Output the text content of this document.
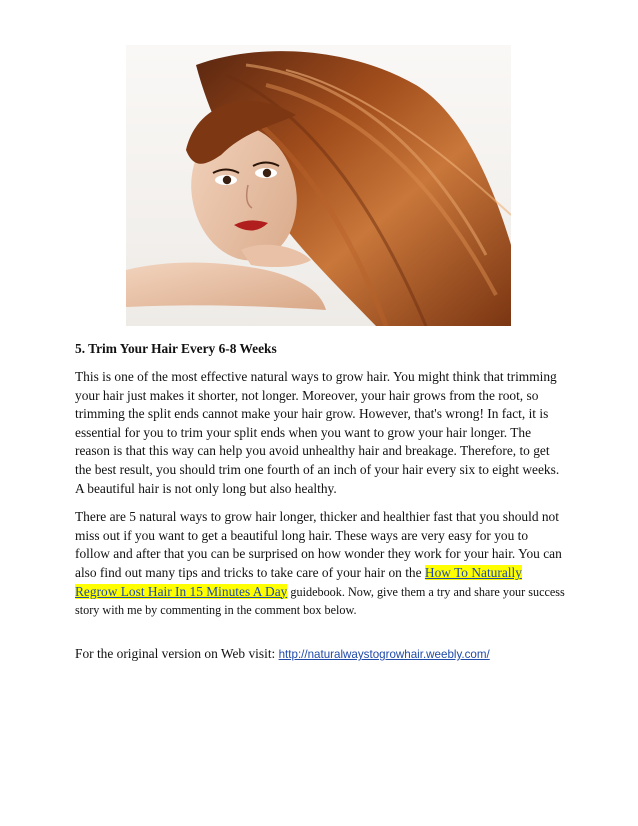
5. Trim Your Hair Every 6-8 Weeks

This is one of the most effective natural ways to grow hair. You might think that trimming your hair just makes it shorter, not longer. Moreover, your hair grows from the root, so trimming the split ends cannot make your hair grow. However, that's wrong! In fact, it is essential for you to trim your split ends when you want to grow your hair longer. The reason is that this way can help you avoid unhealthy hair and breakage. Therefore, to get the best result, you should trim one fourth of an inch of your hair every six to eight weeks. A beautiful hair is not only long but also healthy.

There are 5 natural ways to grow hair longer, thicker and healthier fast that you should not miss out if you want to get a beautiful long hair. These ways are very easy for you to follow and after that you can be surprised on how wonder they work for your hair. You can also find out many tips and tricks to take care of your hair on the How To Naturally Regrow Lost Hair In 15 Minutes A Day guidebook. Now, give them a try and share your success story with me by commenting in the comment box below.

For the original version on Web visit: http://naturalwaystogrowhair.weebly.com/
